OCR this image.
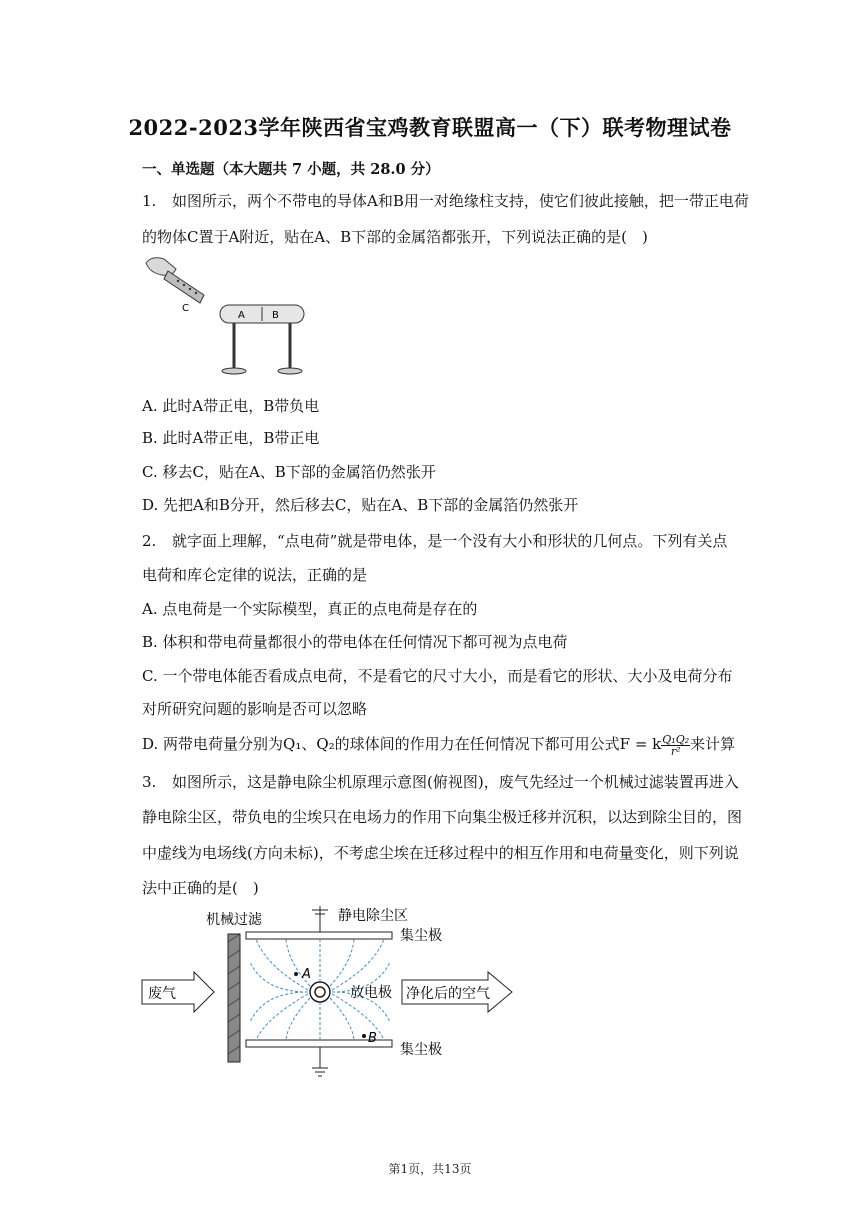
2022-2023学年陕西省宝鸡教育联盟高一（下）联考物理试卷
一、单选题（本大题共 7 小题，共 28.0 分）
1. 如图所示，两个不带电的导体A和B用一对绝缘柱支持，使它们彼此接触，把一带正电荷
的物体C置于A附近，贴在A、B下部的金属箔都张开，下列说法正确的是(　)
C
A	B
A. 此时A带正电，B带负电
B. 此时A带正电，B带正电
C. 移去C，贴在A、B下部的金属箔仍然张开
D. 先把A和B分开，然后移去C，贴在A、B下部的金属箔仍然张开
2. 就字面上理解，“点电荷”就是带电体，是一个没有大小和形状的几何点。下列有关点
电荷和库仑定律的说法，正确的是
A. 点电荷是一个实际模型，真正的点电荷是存在的
B. 体积和带电荷量都很小的带电体在任何情况下都可视为点电荷
C. 一个带电体能否看成点电荷，不是看它的尺寸大小，而是看它的形状、大小及电荷分布
对所研究问题的影响是否可以忽略
D. 两带电荷量分别为Q₁、Q₂的球体间的作用力在任何情况下都可用公式F = k $\frac{\text{Q₁Q₂}}{\text{r²}}$ 来计算
3. 如图所示，这是静电除尘机原理示意图(俯视图)，废气先经过一个机械过滤装置再进入
静电除尘区，带负电的尘埃只在电场力的作用下向集尘极迁移并沉积，以达到除尘目的，图
中虚线为电场线(方向未标)，不考虑尘埃在迁移过程中的相互作用和电荷量变化，则下列说
法中正确的是(　)
机械过滤	静电除尘区
集尘极
集尘极
放电极
A
B
废气	净化后的空气
第1页，共13页
